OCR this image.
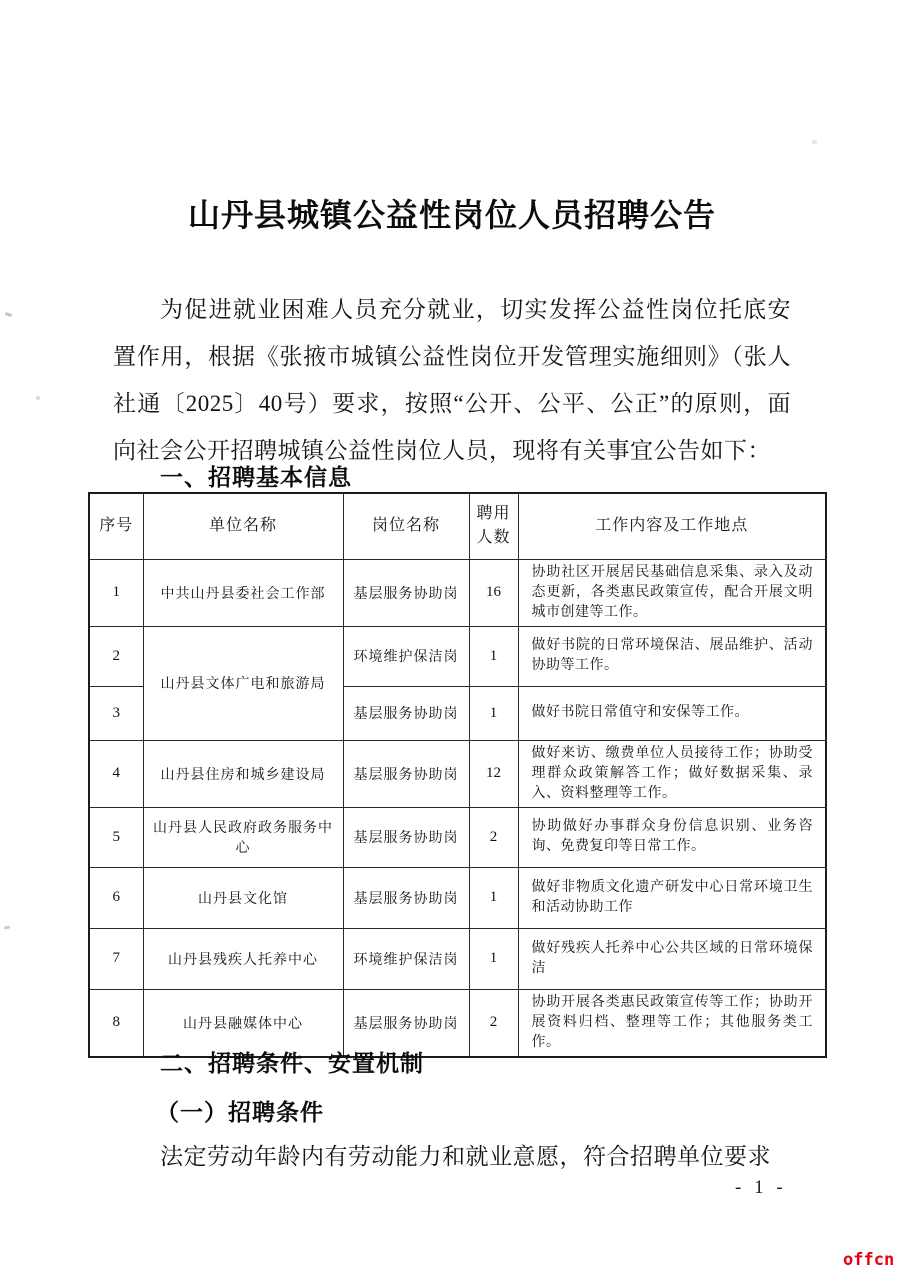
山丹县城镇公益性岗位人员招聘公告

为促进就业困难人员充分就业，切实发挥公益性岗位托底安置作用，根据《张掖市城镇公益性岗位开发管理实施细则》（张人社通〔2025〕40号）要求，按照“公开、公平、公正”的原则，面向社会公开招聘城镇公益性岗位人员，现将有关事宜公告如下：

一、招聘基本信息
序号	单位名称	岗位名称	聘用人数	工作内容及工作地点
1	中共山丹县委社会工作部	基层服务协助岗	16	协助社区开展居民基础信息采集、录入及动态更新，各类惠民政策宣传，配合开展文明城市创建等工作。
2	山丹县文体广电和旅游局	环境维护保洁岗	1	做好书院的日常环境保洁、展品维护、活动协助等工作。
3		基层服务协助岗	1	做好书院日常值守和安保等工作。
4	山丹县住房和城乡建设局	基层服务协助岗	12	做好来访、缴费单位人员接待工作；协助受理群众政策解答工作；做好数据采集、录入、资料整理等工作。
5	山丹县人民政府政务服务中心	基层服务协助岗	2	协助做好办事群众身份信息识别、业务咨询、免费复印等日常工作。
6	山丹县文化馆	基层服务协助岗	1	做好非物质文化遗产研发中心日常环境卫生和活动协助工作
7	山丹县残疾人托养中心	环境维护保洁岗	1	做好残疾人托养中心公共区域的日常环境保洁
8	山丹县融媒体中心	基层服务协助岗	2	协助开展各类惠民政策宣传等工作；协助开展资料归档、整理等工作；其他服务类工作。
二、招聘条件、安置机制
（一）招聘条件

法定劳动年龄内有劳动能力和就业意愿，符合招聘单位要求

- 1 -
offcn
